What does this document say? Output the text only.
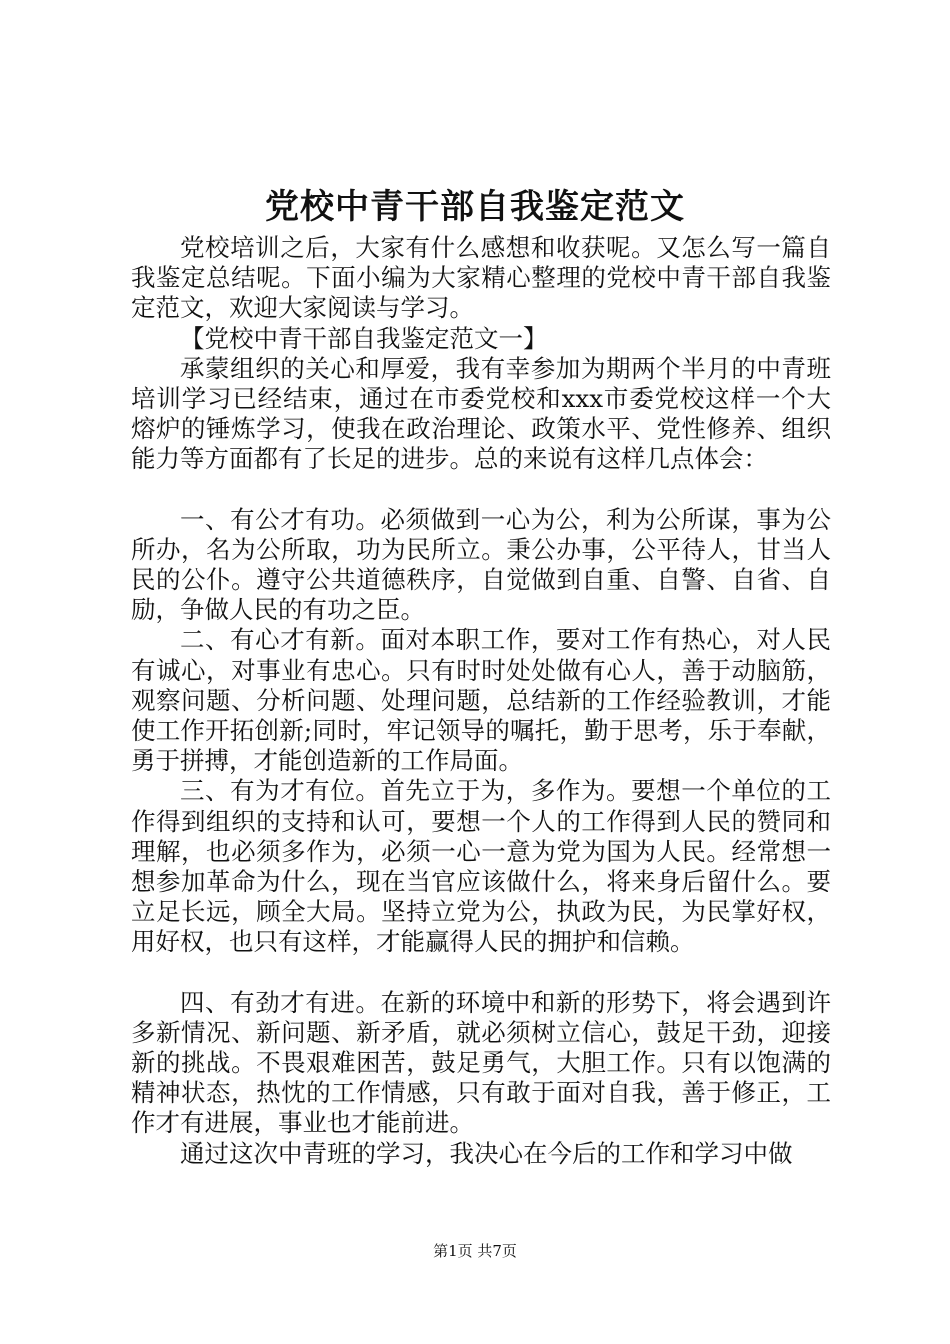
党校中青干部自我鉴定范文

党校培训之后，大家有什么感想和收获呢。又怎么写一篇自我鉴定总结呢。下面小编为大家精心整理的党校中青干部自我鉴定范文，欢迎大家阅读与学习。

【党校中青干部自我鉴定范文一】

承蒙组织的关心和厚爱，我有幸参加为期两个半月的中青班培训学习已经结束，通过在市委党校和xxx市委党校这样一个大熔炉的锤炼学习，使我在政治理论、政策水平、党性修养、组织能力等方面都有了长足的进步。总的来说有这样几点体会：

一、有公才有功。必须做到一心为公，利为公所谋，事为公所办，名为公所取，功为民所立。秉公办事，公平待人，甘当人民的公仆。遵守公共道德秩序，自觉做到自重、自警、自省、自励，争做人民的有功之臣。

二、有心才有新。面对本职工作，要对工作有热心，对人民有诚心，对事业有忠心。只有时时处处做有心人，善于动脑筋，观察问题、分析问题、处理问题，总结新的工作经验教训，才能使工作开拓创新;同时，牢记领导的嘱托，勤于思考，乐于奉献，勇于拼搏，才能创造新的工作局面。

三、有为才有位。首先立于为，多作为。要想一个单位的工作得到组织的支持和认可，要想一个人的工作得到人民的赞同和理解，也必须多作为，必须一心一意为党为国为人民。经常想一想参加革命为什么，现在当官应该做什么，将来身后留什么。要立足长远，顾全大局。坚持立党为公，执政为民，为民掌好权，用好权，也只有这样，才能赢得人民的拥护和信赖。

四、有劲才有进。在新的环境中和新的形势下，将会遇到许多新情况、新问题、新矛盾，就必须树立信心，鼓足干劲，迎接新的挑战。不畏艰难困苦，鼓足勇气，大胆工作。只有以饱满的精神状态，热忱的工作情感，只有敢于面对自我，善于修正，工作才有进展，事业也才能前进。

通过这次中青班的学习，我决心在今后的工作和学习中做

第1页 共7页
